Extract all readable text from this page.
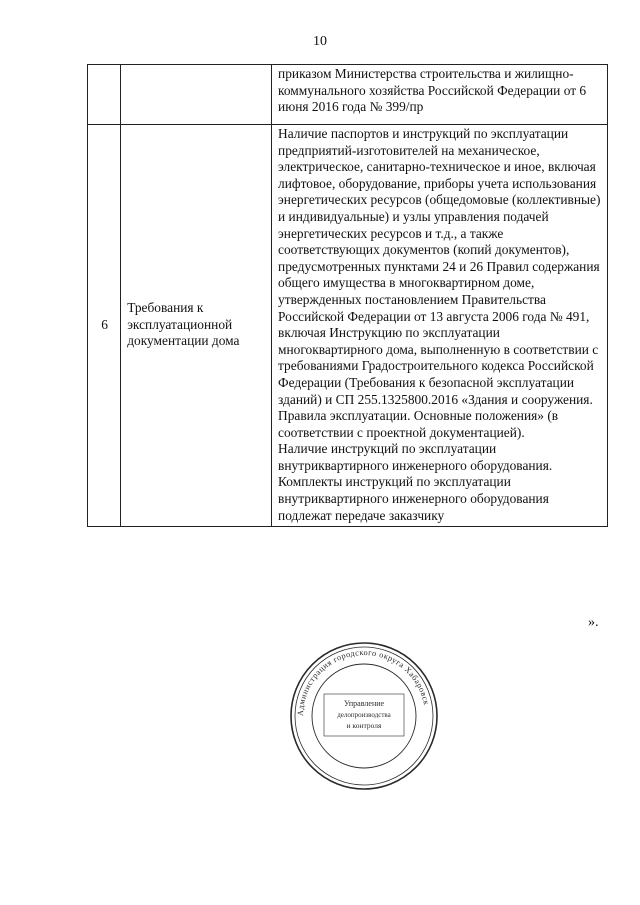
10
		приказом Министерства строительства и жилищно-коммунального хозяйства Российской Федерации от 6 июня 2016 года № 399/пр
6	Требования к эксплуатационной документации дома	Наличие паспортов и инструкций по эксплуатации предприятий-изготовителей на механическое, электрическое, санитарно-техническое и иное, включая лифтовое, оборудование, приборы учета использования энергетических ресурсов (общедомовые (коллективные) и индивидуальные) и узлы управления подачей энергетических ресурсов и т.д., а также соответствующих документов (копий документов), предусмотренных пунктами 24 и 26 Правил содержания общего имущества в многоквартирном доме, утвержденных постановлением Правительства Российской Федерации от 13 августа 2006 года № 491, включая Инструкцию по эксплуатации многоквартирного дома, выполненную в соответствии с требованиями Градостроительного кодекса Российской Федерации (Требования к безопасной эксплуатации зданий) и СП 255.1325800.2016 «Здания и сооружения. Правила эксплуатации. Основные положения» (в соответствии с проектной документацией).
Наличие инструкций по эксплуатации внутриквартирного инженерного оборудования.
Комплекты инструкций по эксплуатации внутриквартирного инженерного оборудования подлежат передаче заказчику
».
Администрация городского округа Хабаровск
Управление
делопроизводства
и контроля
